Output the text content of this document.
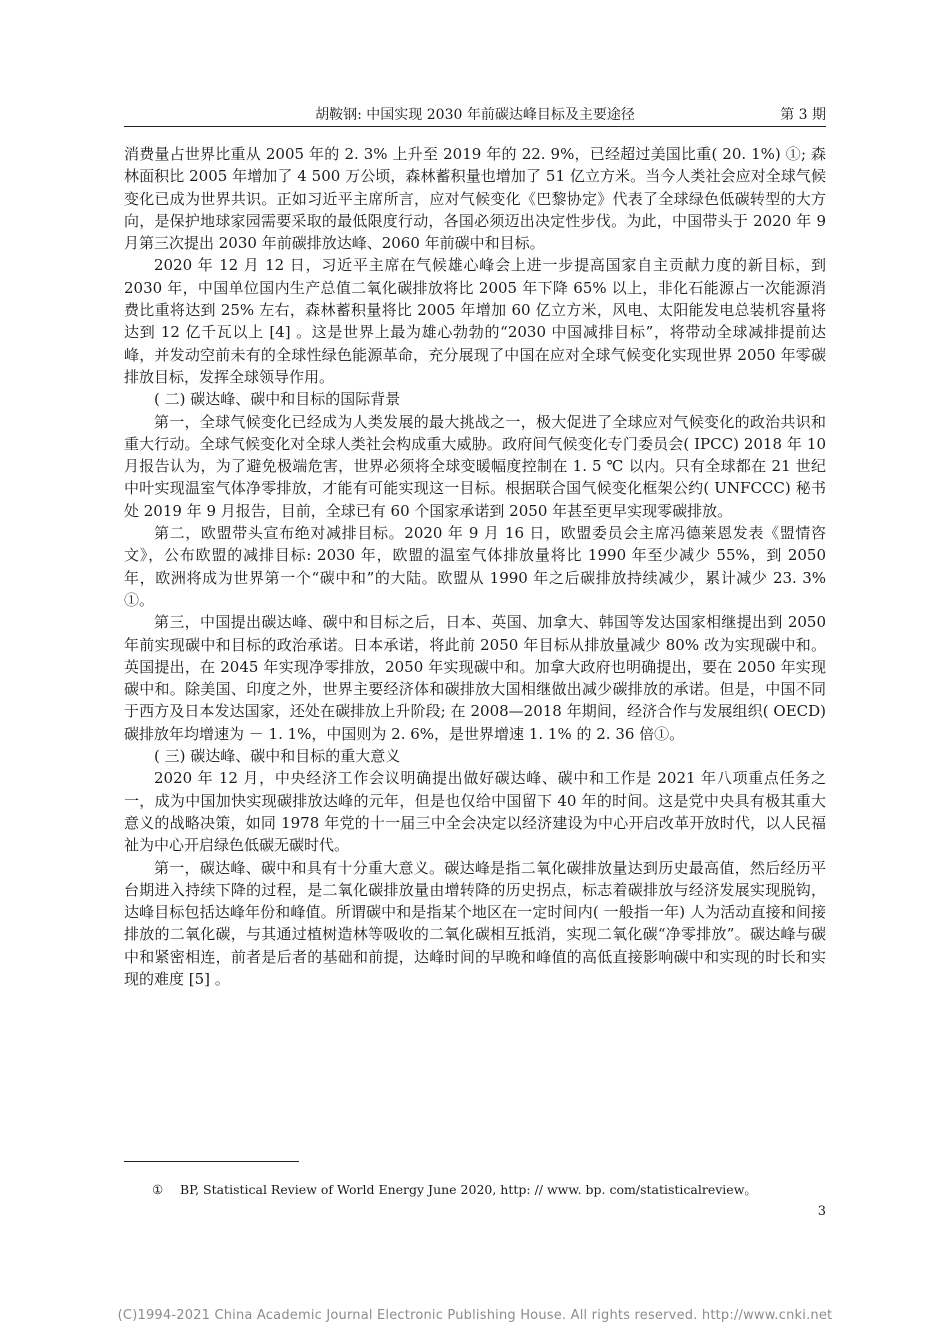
胡鞍钢: 中国实现 2030 年前碳达峰目标及主要途径	第 3 期

消费量占世界比重从 2005 年的 2. 3% 上升至 2019 年的 22. 9%，已经超过美国比重( 20. 1%) ①; 森林面积比 2005 年增加了 4 500 万公顷，森林蓄积量也增加了 51 亿立方米。当今人类社会应对全球气候变化已成为世界共识。正如习近平主席所言，应对气候变化《巴黎协定》代表了全球绿色低碳转型的大方向，是保护地球家园需要采取的最低限度行动，各国必须迈出决定性步伐。为此，中国带头于 2020 年 9 月第三次提出 2030 年前碳排放达峰、2060 年前碳中和目标。

2020 年 12 月 12 日，习近平主席在气候雄心峰会上进一步提高国家自主贡献力度的新目标，到 2030 年，中国单位国内生产总值二氧化碳排放将比 2005 年下降 65% 以上，非化石能源占一次能源消费比重将达到 25% 左右，森林蓄积量将比 2005 年增加 60 亿立方米，风电、太阳能发电总装机容量将达到 12 亿千瓦以上 [4] 。这是世界上最为雄心勃勃的“2030 中国减排目标”，将带动全球减排提前达峰，并发动空前未有的全球性绿色能源革命，充分展现了中国在应对全球气候变化实现世界 2050 年零碳排放目标，发挥全球领导作用。

( 二) 碳达峰、碳中和目标的国际背景

第一，全球气候变化已经成为人类发展的最大挑战之一，极大促进了全球应对气候变化的政治共识和重大行动。全球气候变化对全球人类社会构成重大威胁。政府间气候变化专门委员会( IPCC) 2018 年 10 月报告认为，为了避免极端危害，世界必须将全球变暖幅度控制在 1. 5 ℃ 以内。只有全球都在 21 世纪中叶实现温室气体净零排放，才能有可能实现这一目标。根据联合国气候变化框架公约( UNFCCC) 秘书处 2019 年 9 月报告，目前，全球已有 60 个国家承诺到 2050 年甚至更早实现零碳排放。

第二，欧盟带头宣布绝对减排目标。2020 年 9 月 16 日，欧盟委员会主席冯德莱恩发表《盟情咨文》，公布欧盟的减排目标: 2030 年，欧盟的温室气体排放量将比 1990 年至少减少 55%，到 2050 年，欧洲将成为世界第一个“碳中和”的大陆。欧盟从 1990 年之后碳排放持续减少，累计减少 23. 3% ①。

第三，中国提出碳达峰、碳中和目标之后，日本、英国、加拿大、韩国等发达国家相继提出到 2050 年前实现碳中和目标的政治承诺。日本承诺，将此前 2050 年目标从排放量减少 80% 改为实现碳中和。英国提出，在 2045 年实现净零排放，2050 年实现碳中和。加拿大政府也明确提出，要在 2050 年实现碳中和。除美国、印度之外，世界主要经济体和碳排放大国相继做出减少碳排放的承诺。但是，中国不同于西方及日本发达国家，还处在碳排放上升阶段; 在 2008—2018 年期间，经济合作与发展组织( OECD) 碳排放年均增速为 － 1. 1%，中国则为 2. 6%，是世界增速 1. 1% 的 2. 36 倍①。

( 三) 碳达峰、碳中和目标的重大意义

2020 年 12 月，中央经济工作会议明确提出做好碳达峰、碳中和工作是 2021 年八项重点任务之一，成为中国加快实现碳排放达峰的元年，但是也仅给中国留下 40 年的时间。这是党中央具有极其重大意义的战略决策，如同 1978 年党的十一届三中全会决定以经济建设为中心开启改革开放时代，以人民福祉为中心开启绿色低碳无碳时代。

第一，碳达峰、碳中和具有十分重大意义。碳达峰是指二氧化碳排放量达到历史最高值，然后经历平台期进入持续下降的过程，是二氧化碳排放量由增转降的历史拐点，标志着碳排放与经济发展实现脱钩，达峰目标包括达峰年份和峰值。所谓碳中和是指某个地区在一定时间内( 一般指一年) 人为活动直接和间接排放的二氧化碳，与其通过植树造林等吸收的二氧化碳相互抵消，实现二氧化碳“净零排放”。碳达峰与碳中和紧密相连，前者是后者的基础和前提，达峰时间的早晚和峰值的高低直接影响碳中和实现的时长和实现的难度 [5] 。

① BP, Statistical Review of World Energy June 2020, http: // www. bp. com/statisticalreview。
3
(C)1994-2021 China Academic Journal Electronic Publishing House. All rights reserved. http://www.cnki.net
